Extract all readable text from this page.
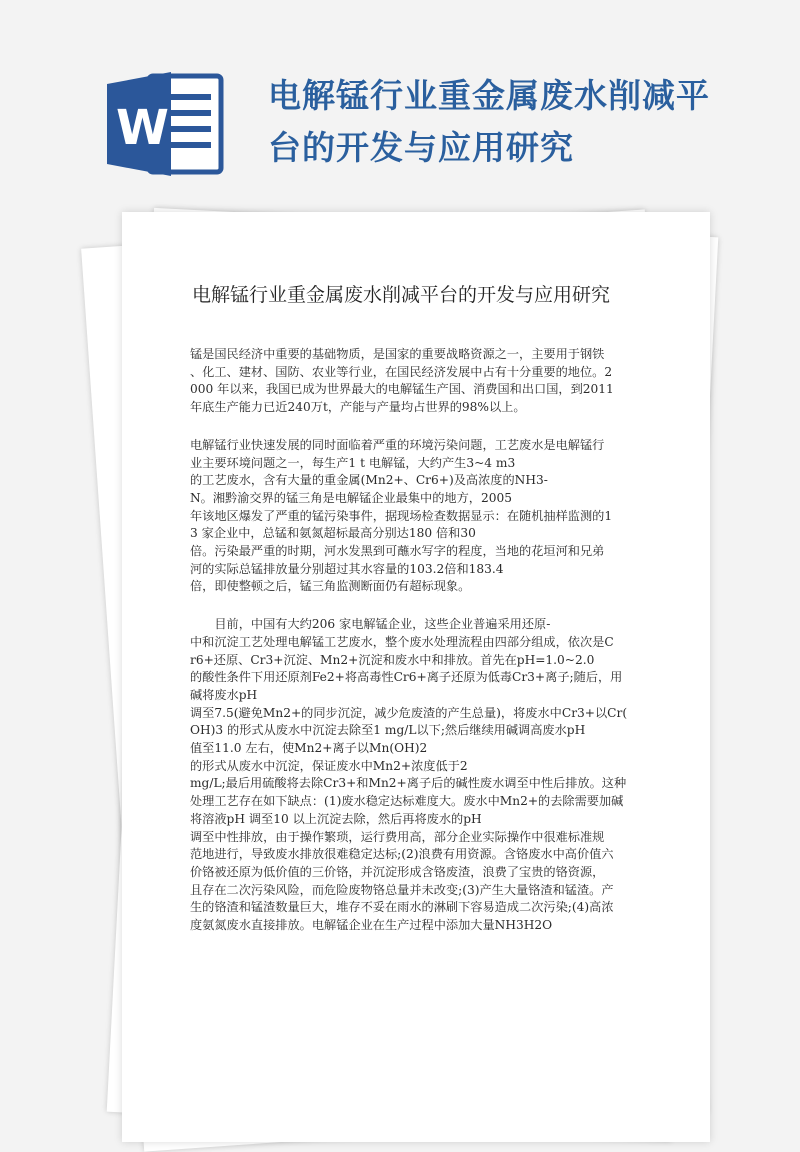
W
电解锰行业重金属废水削减平台的开发与应用研究
电解锰行业重金属废水削减平台的开发与应用研究
锰是国民经济中重要的基础物质，是国家的重要战略资源之一，主要用于钢铁
、化工、建材、国防、农业等行业，在国民经济发展中占有十分重要的地位。2
000 年以来，我国已成为世界最大的电解锰生产国、消费国和出口国，到2011
年底生产能力已近240万t，产能与产量均占世界的98%以上。
电解锰行业快速发展的同时面临着严重的环境污染问题，工艺废水是电解锰行
业主要环境问题之一，每生产1 t 电解锰，大约产生3~4 m3
的工艺废水，含有大量的重金属(Mn2+、Cr6+)及高浓度的NH3-
N。湘黔渝交界的锰三角是电解锰企业最集中的地方，2005
年该地区爆发了严重的锰污染事件，据现场检查数据显示：在随机抽样监测的1
3 家企业中，总锰和氨氮超标最高分别达180 倍和30
倍。污染最严重的时期，河水发黑到可蘸水写字的程度，当地的花垣河和兄弟
河的实际总锰排放量分别超过其水容量的103.2倍和183.4
倍，即使整顿之后，锰三角监测断面仍有超标现象。
　　目前，中国有大约206 家电解锰企业，这些企业普遍采用还原-
中和沉淀工艺处理电解锰工艺废水，整个废水处理流程由四部分组成，依次是C
r6+还原、Cr3+沉淀、Mn2+沉淀和废水中和排放。首先在pH=1.0~2.0
的酸性条件下用还原剂Fe2+将高毒性Cr6+离子还原为低毒Cr3+离子;随后，用
碱将废水pH
调至7.5(避免Mn2+的同步沉淀，减少危废渣的产生总量)，将废水中Cr3+以Cr(
OH)3 的形式从废水中沉淀去除至1 mg/L以下;然后继续用碱调高废水pH
值至11.0 左右，使Mn2+离子以Mn(OH)2
的形式从废水中沉淀，保证废水中Mn2+浓度低于2
mg/L;最后用硫酸将去除Cr3+和Mn2+离子后的碱性废水调至中性后排放。这种
处理工艺存在如下缺点：(1)废水稳定达标难度大。废水中Mn2+的去除需要加碱
将溶液pH 调至10 以上沉淀去除，然后再将废水的pH
调至中性排放，由于操作繁琐，运行费用高，部分企业实际操作中很难标准规
范地进行，导致废水排放很难稳定达标;(2)浪费有用资源。含铬废水中高价值六
价铬被还原为低价值的三价铬，并沉淀形成含铬废渣，浪费了宝贵的铬资源，
且存在二次污染风险，而危险废物铬总量并未改变;(3)产生大量铬渣和锰渣。产
生的铬渣和锰渣数量巨大，堆存不妥在雨水的淋刷下容易造成二次污染;(4)高浓
度氨氮废水直接排放。电解锰企业在生产过程中添加大量NH3H2O
